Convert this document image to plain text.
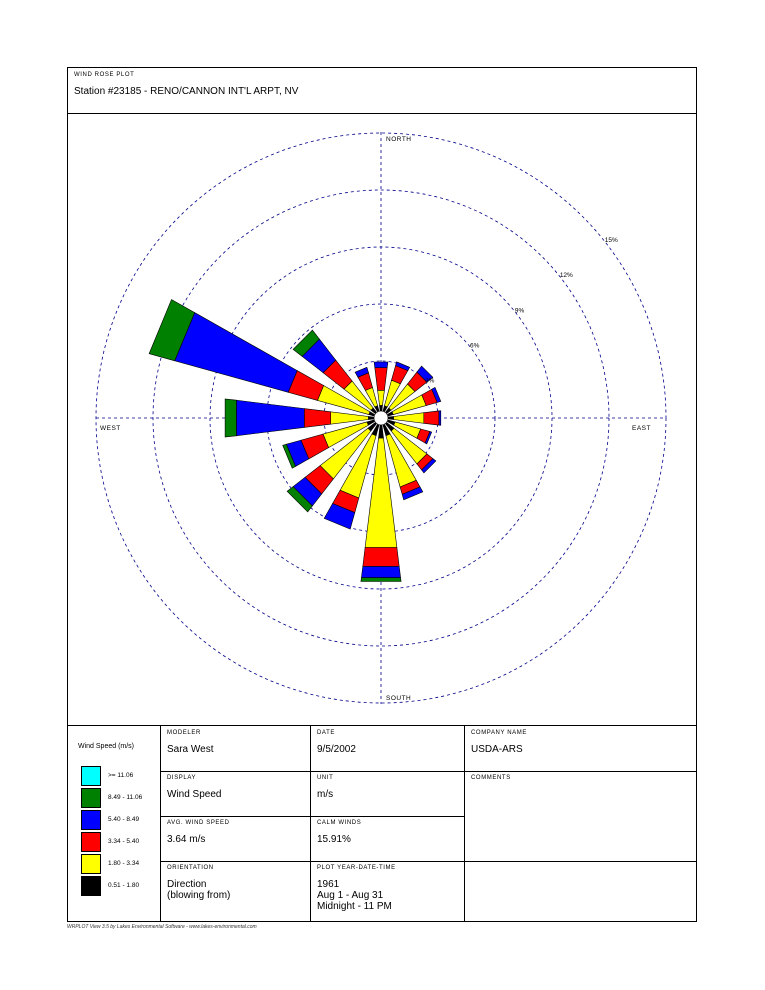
WIND ROSE PLOT
Station #23185 - RENO/CANNON INT'L ARPT, NV
3%
6%
9%
12%
15%
NORTH
SOUTH
EAST
WEST
Wind Speed (m/s)
>= 11.06
8.49 - 11.06
5.40 - 8.49
3.34 - 5.40
1.80 - 3.34
0.51 - 1.80
MODELER
Sara West
DATE
9/5/2002
COMPANY NAME
USDA-ARS
DISPLAY
Wind Speed
UNIT
m/s
COMMENTS
AVG. WIND SPEED
3.64 m/s
CALM WINDS
15.91%
ORIENTATION
Direction
(blowing from)
PLOT YEAR-DATE-TIME
1961
Aug 1 - Aug 31
Midnight - 11 PM
WRPLOT View 3.5 by Lakes Environmental Software - www.lakes-environmental.com
